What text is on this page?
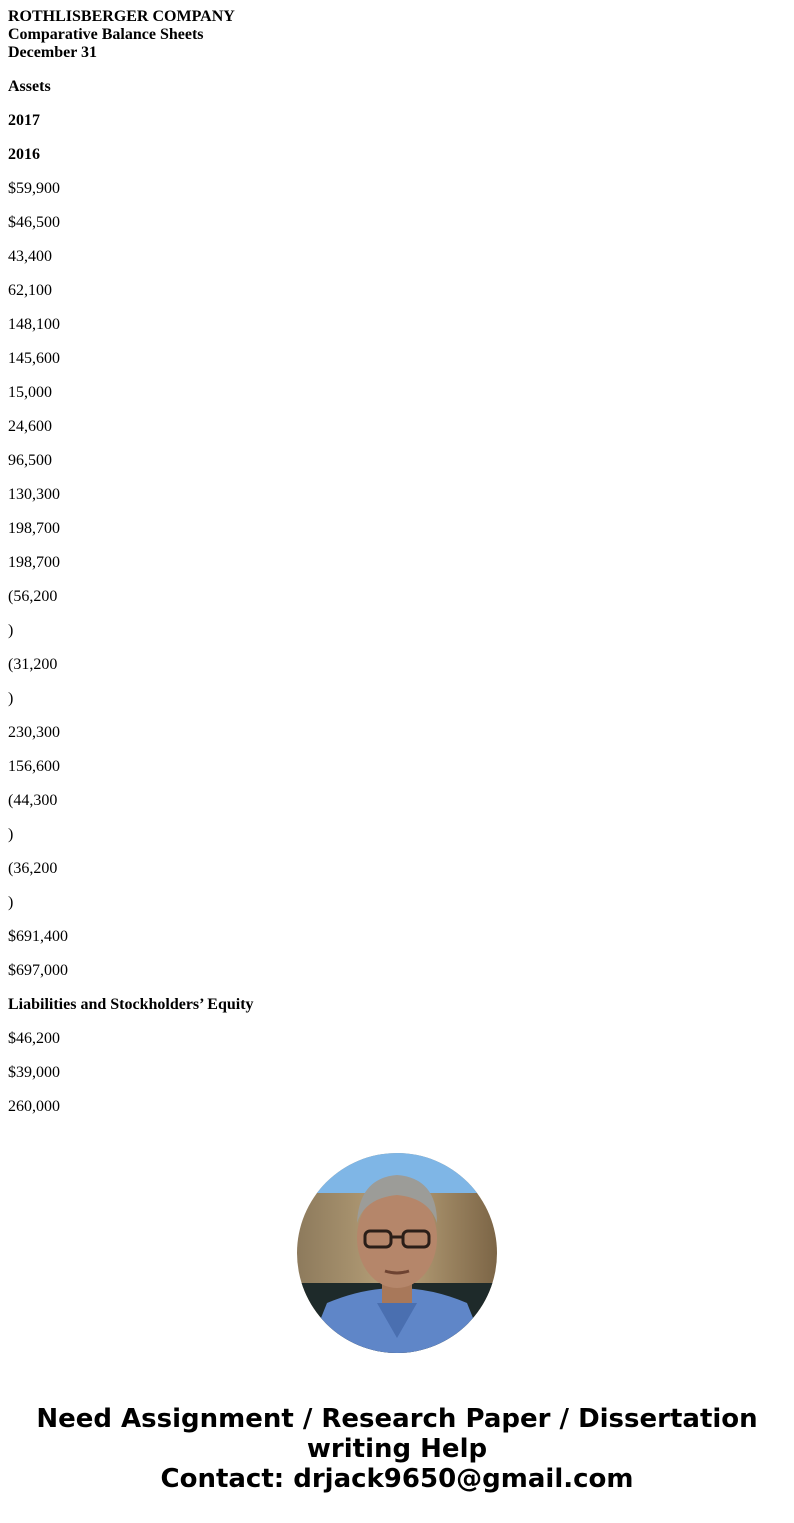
ROTHLISBERGER COMPANY
Comparative Balance Sheets
December 31

Assets

2017

2016

$59,900

$46,500

43,400

62,100

148,100

145,600

15,000

24,600

96,500

130,300

198,700

198,700

(56,200

)

(31,200

)

230,300

156,600

(44,300

)

(36,200

)

$691,400

$697,000

Liabilities and Stockholders’ Equity

$46,200

$39,000

260,000

Need Assignment / Research Paper / Dissertation
writing Help
Contact: drjack9650@gmail.com
